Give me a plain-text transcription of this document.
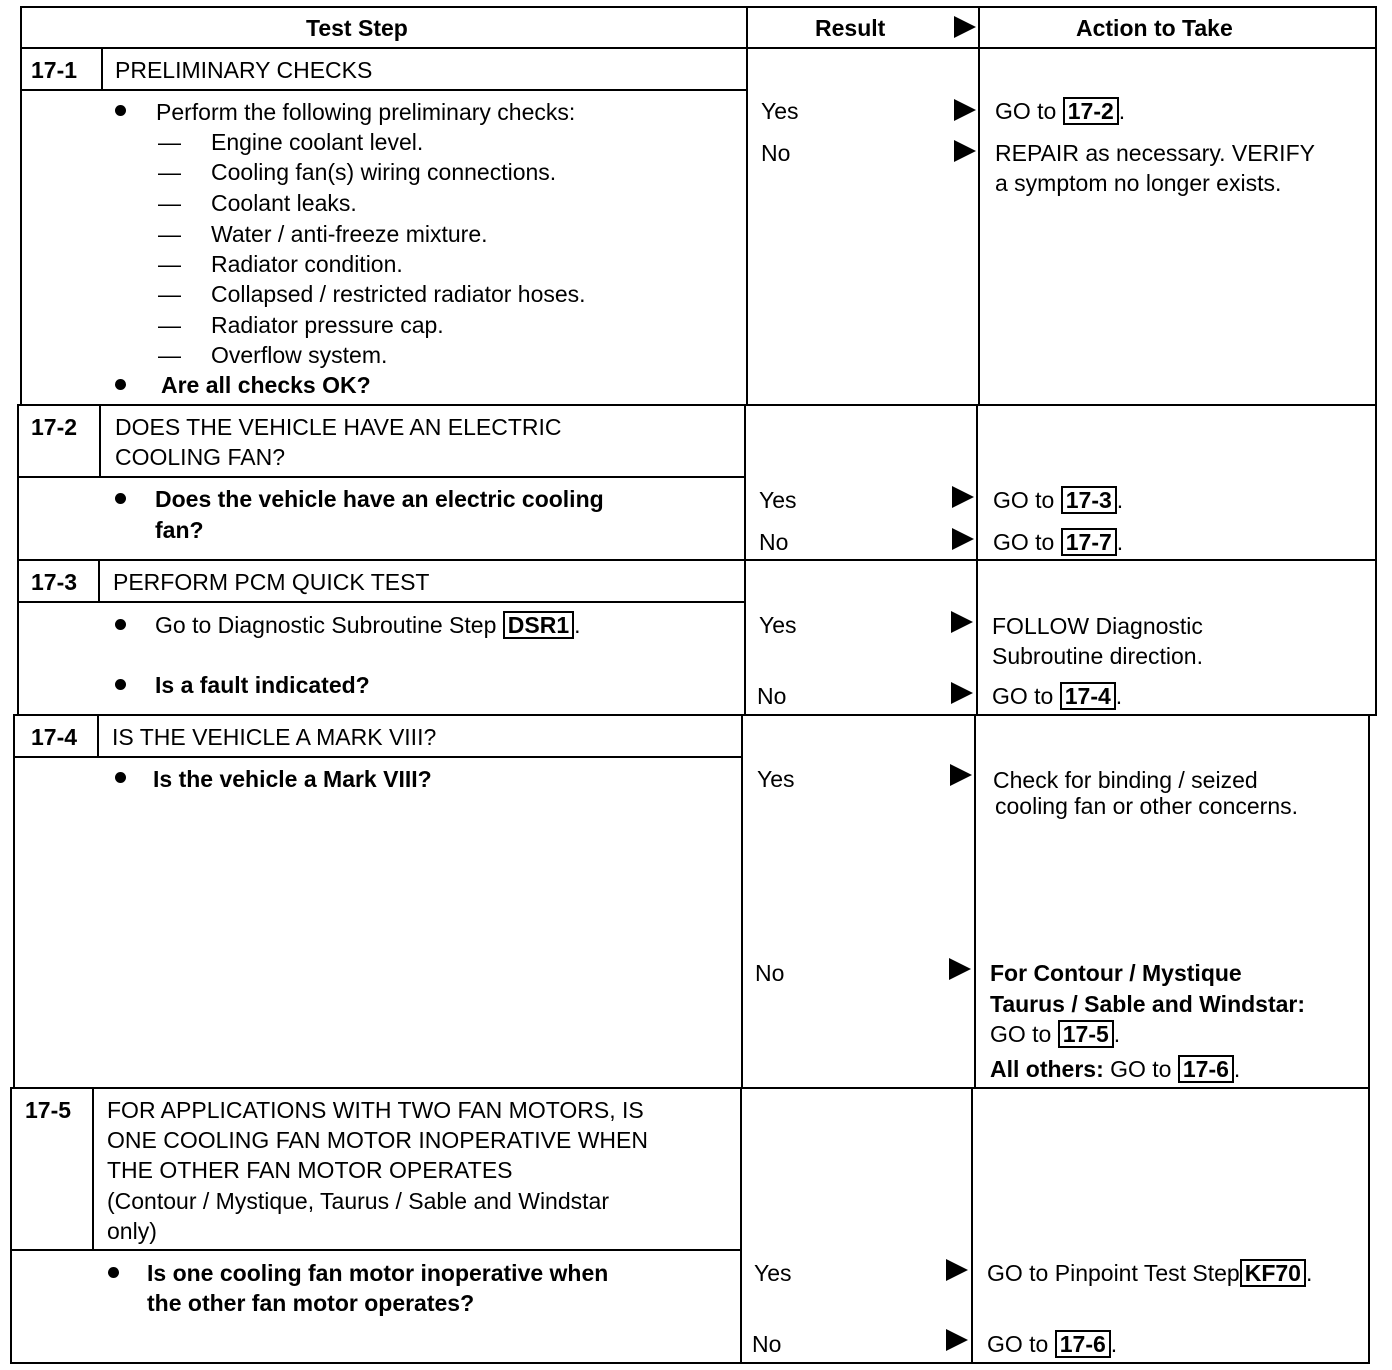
Test Step	Result	Action to Take
17-1 PRELIMINARY CHECKS
Perform the following preliminary checks:
— Engine coolant level.
— Cooling fan(s) wiring connections.
— Coolant leaks.
— Water / anti-freeze mixture.
— Radiator condition.
— Collapsed / restricted radiator hoses.
— Radiator pressure cap.
— Overflow system.
Are all checks OK?
Yes	GO to 17-2 .
No	REPAIR as necessary. VERIFY
a symptom no longer exists.
17-2 DOES THE VEHICLE HAVE AN ELECTRIC
COOLING FAN?
Does the vehicle have an electric cooling
fan?
Yes	GO to 17-3 .
No	GO to 17-7 .
17-3 PERFORM PCM QUICK TEST
Go to Diagnostic Subroutine Step DSR1 .
Is a fault indicated?
Yes	FOLLOW Diagnostic
Subroutine direction.
No	GO to 17-4 .
17-4 IS THE VEHICLE A MARK VIII?
Is the vehicle a Mark VIII?	Yes	Check for binding / seized
cooling fan or other concerns.
No	For Contour / Mystique
Taurus / Sable and Windstar:
GO to 17-5 .
All others: GO to 17-6 .
17-5 FOR APPLICATIONS WITH TWO FAN MOTORS, IS
ONE COOLING FAN MOTOR INOPERATIVE WHEN
THE OTHER FAN MOTOR OPERATES
(Contour / Mystique, Taurus / Sable and Windstar
only)
Is one cooling fan motor inoperative when
the other fan motor operates?
Yes	GO to Pinpoint Test Step KF70 .
No	GO to 17-6 .
